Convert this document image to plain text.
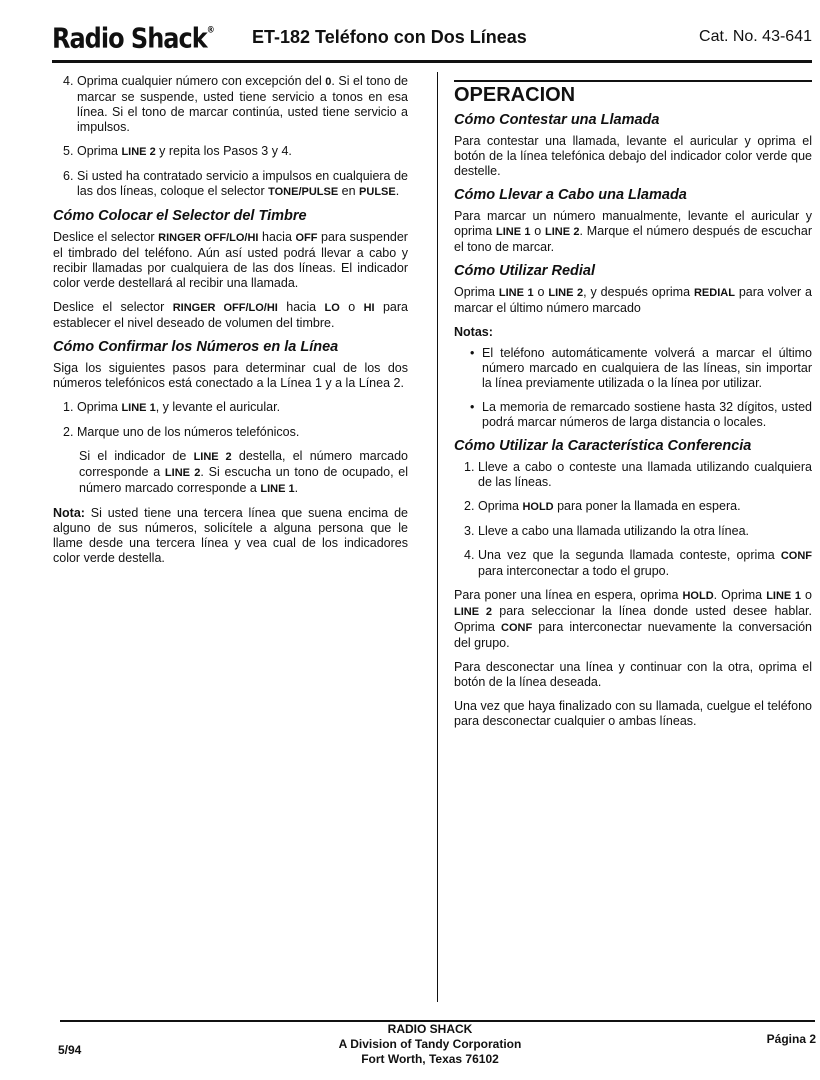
Radio Shack® ET-182 Teléfono con Dos Líneas	Cat. No. 43-641
4. Oprima cualquier número con excepción del 0. Si el tono de marcar se suspende, usted tiene servicio a tonos en esa línea. Si el tono de marcar continúa, usted tiene servicio a impulsos.
5. Oprima LINE 2 y repita los Pasos 3 y 4.
6. Si usted ha contratado servicio a impulsos en cualquiera de las dos líneas, coloque el selector TONE/PULSE en PULSE.
Cómo Colocar el Selector del Timbre

Deslice el selector RINGER OFF/LO/HI hacia OFF para suspender el timbrado del teléfono. Aún así usted podrá llevar a cabo y recibir llamadas por cualquiera de las dos líneas. El indicador color verde destellará al recibir una llamada.

Deslice el selector RINGER OFF/LO/HI hacia LO o HI para establecer el nivel deseado de volumen del timbre.

Cómo Confirmar los Números en la Línea

Siga los siguientes pasos para determinar cual de los dos números telefónicos está conectado a la Línea 1 y a la Línea 2.

1. Oprima LINE 1, y levante el auricular.
2. Marque uno de los números telefónicos.

Si el indicador de LINE 2 destella, el número marcado corresponde a LINE 2. Si escucha un tono de ocupado, el número marcado corresponde a LINE 1.

Nota: Si usted tiene una tercera línea que suena encima de alguno de sus números, solicítele a alguna persona que le llame desde una tercera línea y vea cual de los indicadores color verde destella.

OPERACION
Cómo Contestar una Llamada

Para contestar una llamada, levante el auricular y oprima el botón de la línea telefónica debajo del indicador color verde que destelle.

Cómo Llevar a Cabo una Llamada

Para marcar un número manualmente, levante el auricular y oprima LINE 1 o LINE 2. Marque el número después de escuchar el tono de marcar.

Cómo Utilizar Redial

Oprima LINE 1 o LINE 2, y después oprima REDIAL para volver a marcar el último número marcado

Notas:
• El teléfono automáticamente volverá a marcar el último número marcado en cualquiera de las líneas, sin importar la línea previamente utilizada o la línea por utilizar.
• La memoria de remarcado sostiene hasta 32 dígitos, usted podrá marcar números de larga distancia o locales.
Cómo Utilizar la Característica Conferencia
1. Lleve a cabo o conteste una llamada utilizando cualquiera de las líneas.
2. Oprima HOLD para poner la llamada en espera.
3. Lleve a cabo una llamada utilizando la otra línea.
4. Una vez que la segunda llamada conteste, oprima CONF para interconectar a todo el grupo.

Para poner una línea en espera, oprima HOLD. Oprima LINE 1 o LINE 2 para seleccionar la línea donde usted desee hablar. Oprima CONF para interconectar nuevamente la conversación del grupo.

Para desconectar una línea y continuar con la otra, oprima el botón de la línea deseada.

Una vez que haya finalizado con su llamada, cuelgue el teléfono para desconectar cualquier o ambas líneas.

5/94
RADIO SHACK
A Division of Tandy Corporation
Fort Worth, Texas 76102
Página 2
